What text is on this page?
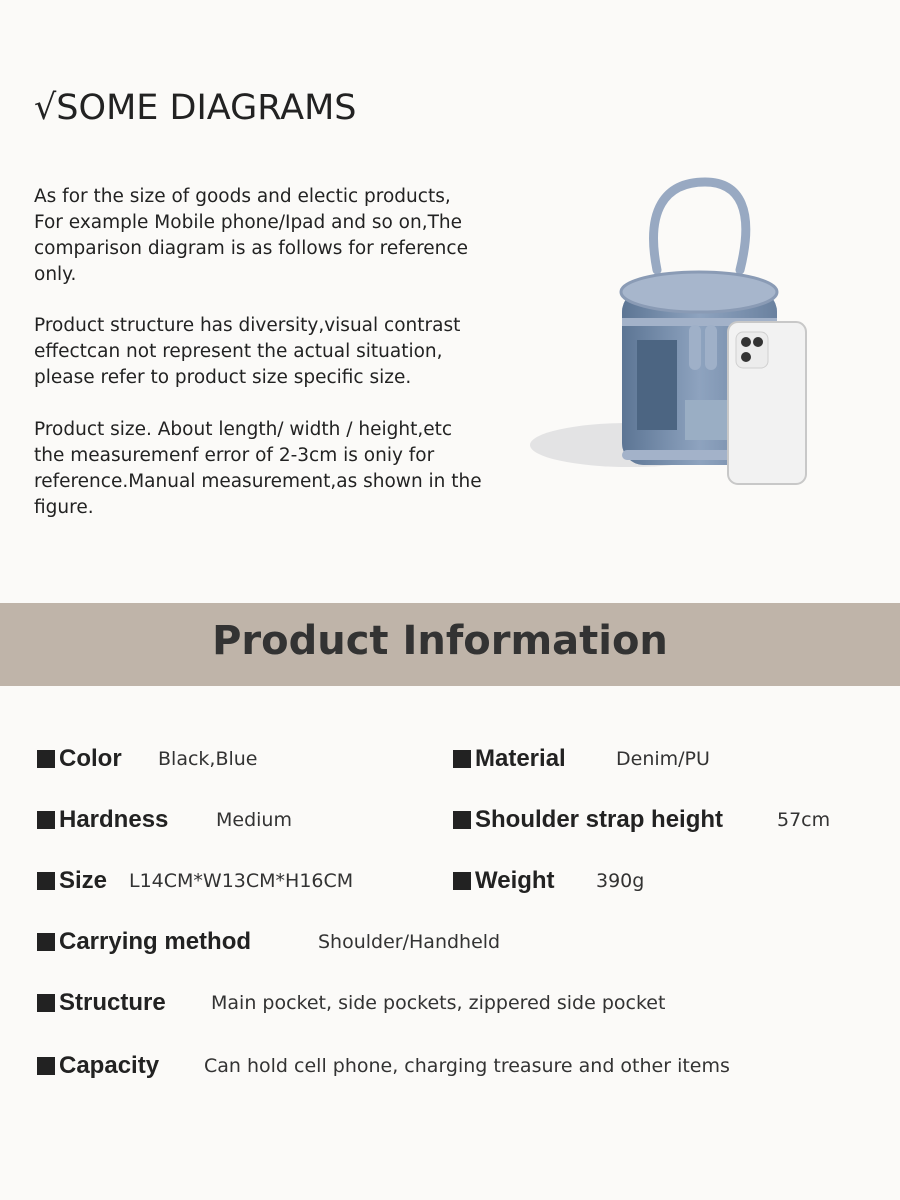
√SOME DIAGRAMS
As for the size of goods and electic products,
For example Mobile phone/Ipad and so on,The
comparison diagram is as follows for reference
only.
Product structure has diversity,visual contrast
effectcan not represent the actual situation,
please refer to product size specific size.
Product size. About length/ width / height,etc
the measuremenf error of 2-3cm is oniy for
reference.Manual measurement,as shown in the
figure.
Product Information
Color Black,Blue	Material	Denim/PU
Hardness	Medium	Shoulder strap height	57cm
Size L14CM*W13CM*H16CM	Weight 390g
Carrying method	Shoulder/Handheld
Structure Main pocket, side pockets, zippered side pocket
Capacity Can hold cell phone, charging treasure and other items
